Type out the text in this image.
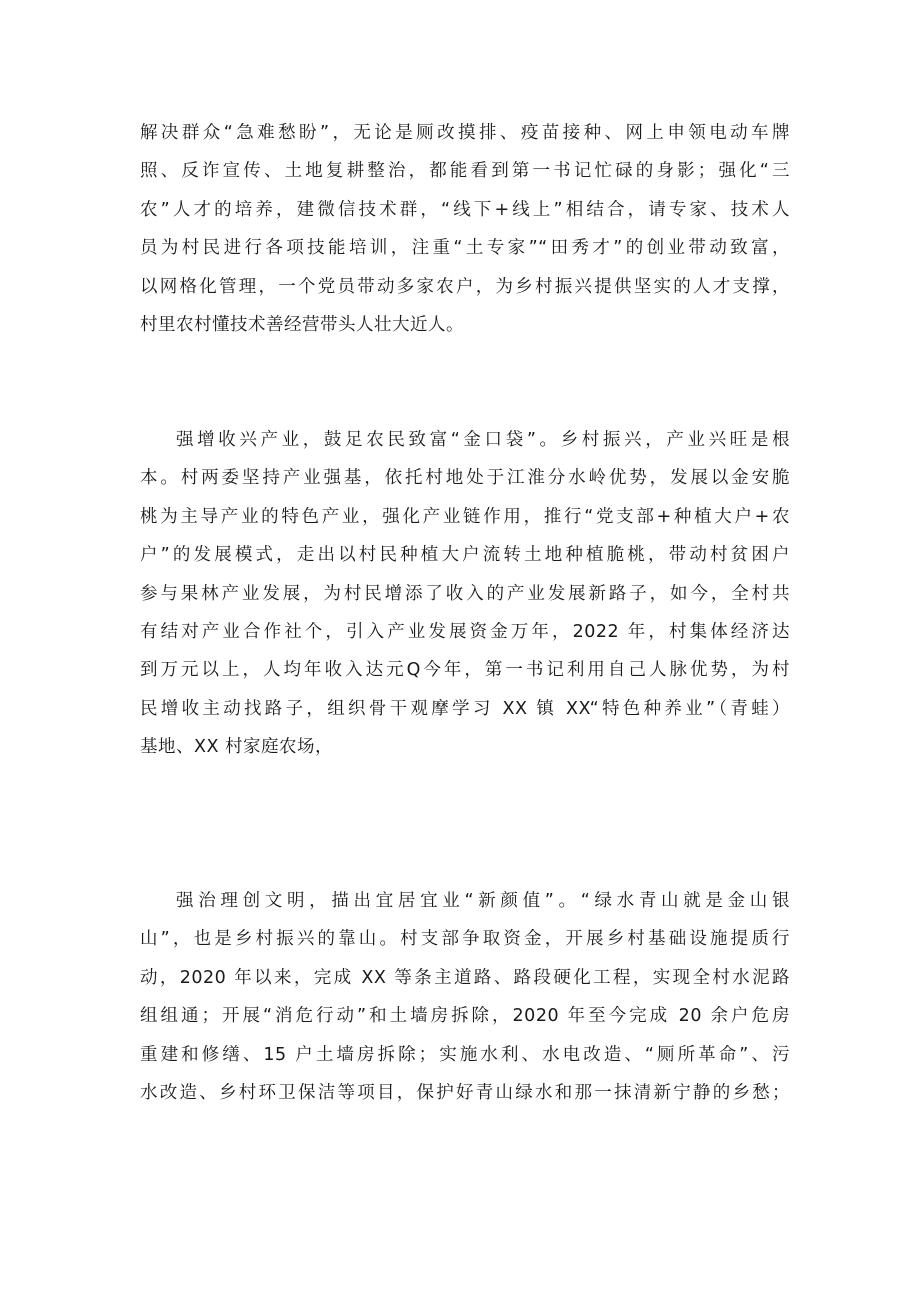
解决群众“急难愁盼”，无论是厕改摸排、疫苗接种、网上申领电动车牌
照、反诈宣传、土地复耕整治，都能看到第一书记忙碌的身影；强化“三
农”人才的培养，建微信技术群，“线下+线上”相结合，请专家、技术人
员为村民进行各项技能培训，注重“土专家”“田秀才”的创业带动致富，
以网格化管理，一个党员带动多家农户，为乡村振兴提供坚实的人才支撑，
村里农村懂技术善经营带头人壮大近人。
强增收兴产业，鼓足农民致富“金口袋”。乡村振兴，产业兴旺是根
本。村两委坚持产业强基，依托村地处于江淮分水岭优势，发展以金安脆
桃为主导产业的特色产业，强化产业链作用，推行“党支部+种植大户+农
户”的发展模式，走出以村民种植大户流转土地种植脆桃，带动村贫困户
参与果林产业发展，为村民增添了收入的产业发展新路子，如今，全村共
有结对产业合作社个，引入产业发展资金万年，2022 年，村集体经济达
到万元以上，人均年收入达元Q今年，第一书记利用自己人脉优势，为村
民增收主动找路子，组织骨干观摩学习 XX 镇 XX“特色种养业”（青蛙）
基地、XX 村家庭农场，
强治理创文明，描出宜居宜业“新颜值”。“绿水青山就是金山银
山”，也是乡村振兴的靠山。村支部争取资金，开展乡村基础设施提质行
动，2020 年以来，完成 XX 等条主道路、路段硬化工程，实现全村水泥路
组组通；开展“消危行动”和土墙房拆除，2020 年至今完成 20 余户危房
重建和修缮、15 户土墙房拆除；实施水利、水电改造、“厕所革命”、污
水改造、乡村环卫保洁等项目，保护好青山绿水和那一抹清新宁静的乡愁；
